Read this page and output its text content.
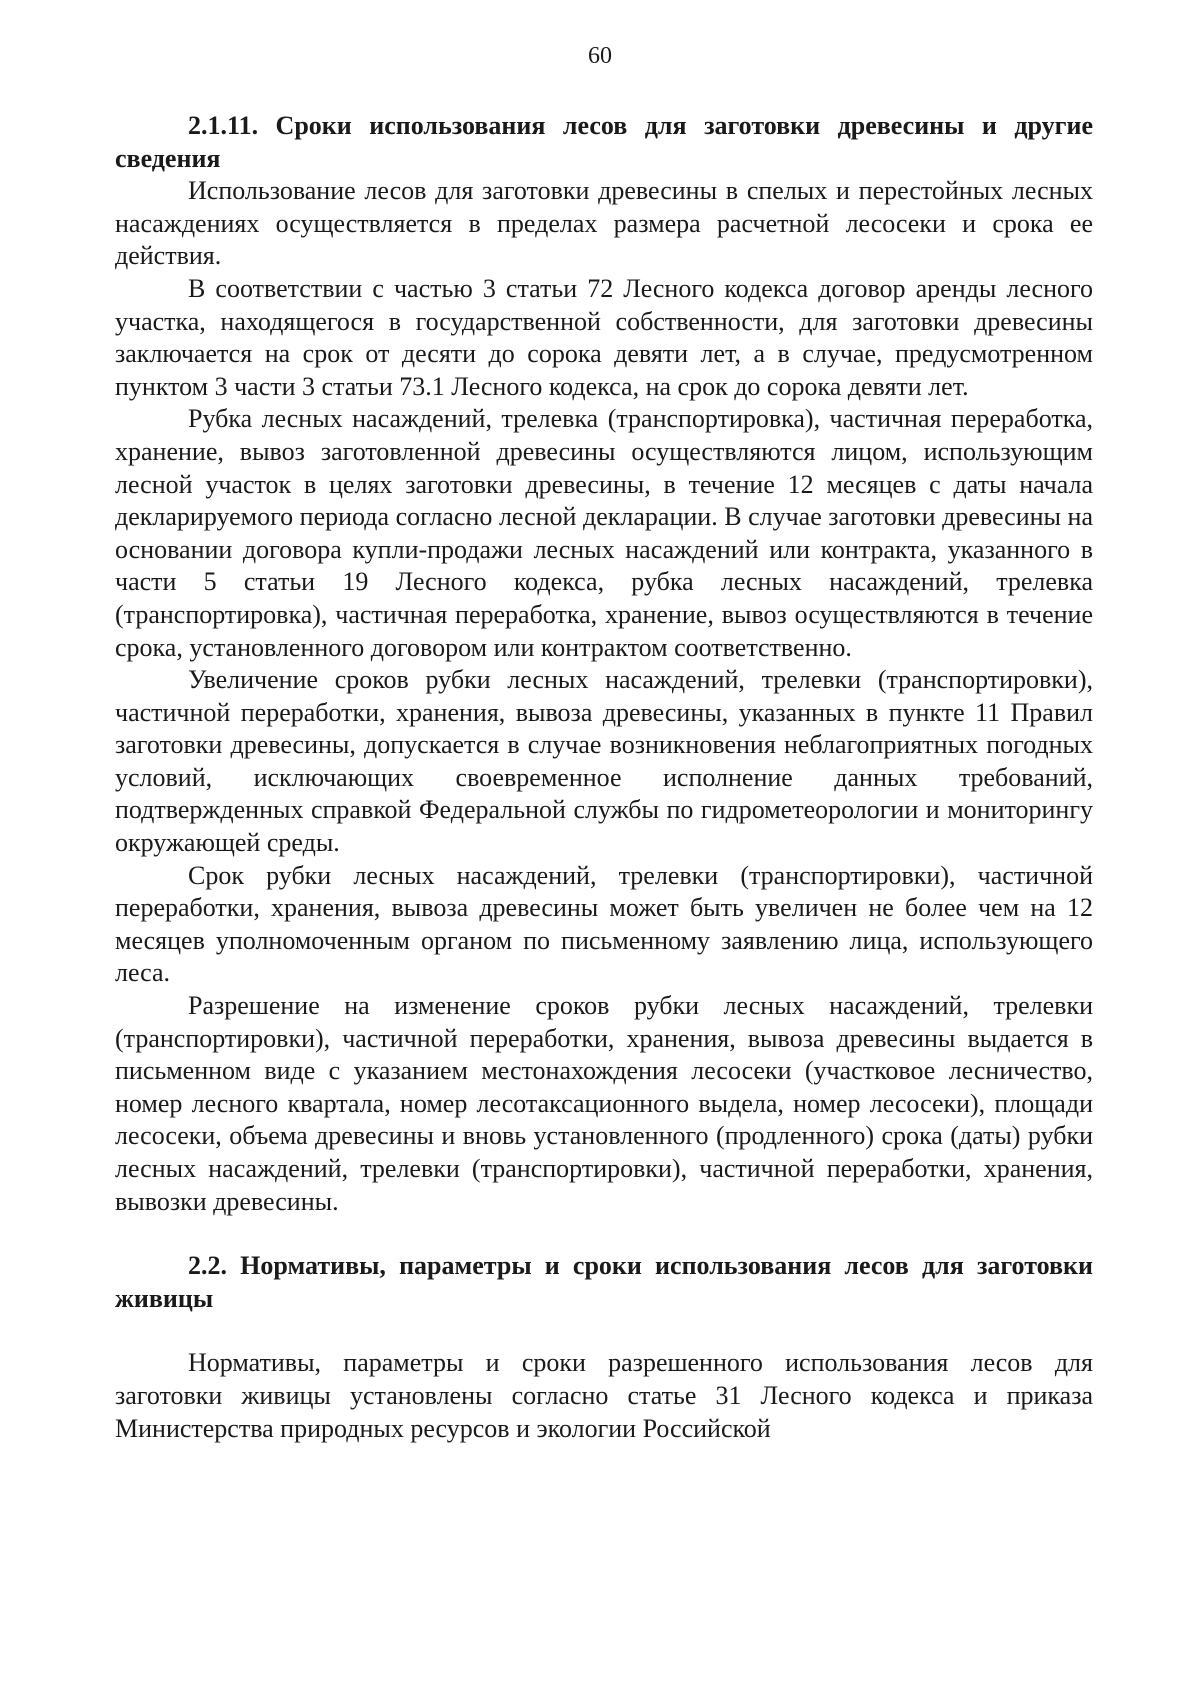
60

2.1.11. Сроки использования лесов для заготовки древесины и другие сведения

Использование лесов для заготовки древесины в спелых и перестойных лесных насаждениях осуществляется в пределах размера расчетной лесосеки и срока ее действия.

В соответствии с частью 3 статьи 72 Лесного кодекса договор аренды лесного участка, находящегося в государственной собственности, для заготовки древесины заключается на срок от десяти до сорока девяти лет, а в случае, предусмотренном пунктом 3 части 3 статьи 73.1 Лесного кодекса, на срок до сорока девяти лет.

Рубка лесных насаждений, трелевка (транспортировка), частичная переработка, хранение, вывоз заготовленной древесины осуществляются лицом, использующим лесной участок в целях заготовки древесины, в течение 12 месяцев с даты начала декларируемого периода согласно лесной декларации. В случае заготовки древесины на основании договора купли-продажи лесных насаждений или контракта, указанного в части 5 статьи 19 Лесного кодекса, рубка лесных насаждений, трелевка (транспортировка), частичная переработка, хранение, вывоз осуществляются в течение срока, установленного договором или контрактом соответственно.

Увеличение сроков рубки лесных насаждений, трелевки (транспортировки), частичной переработки, хранения, вывоза древесины, указанных в пункте 11 Правил заготовки древесины, допускается в случае возникновения неблагоприятных погодных условий, исключающих своевременное исполнение данных требований, подтвержденных справкой Федеральной службы по гидрометеорологии и мониторингу окружающей среды.

Срок рубки лесных насаждений, трелевки (транспортировки), частичной переработки, хранения, вывоза древесины может быть увеличен не более чем на 12 месяцев уполномоченным органом по письменному заявлению лица, использующего леса.

Разрешение на изменение сроков рубки лесных насаждений, трелевки (транспортировки), частичной переработки, хранения, вывоза древесины выдается в письменном виде с указанием местонахождения лесосеки (участковое лесничество, номер лесного квартала, номер лесотаксационного выдела, номер лесосеки), площади лесосеки, объема древесины и вновь установленного (продленного) срока (даты) рубки лесных насаждений, трелевки (транспортировки), частичной переработки, хранения, вывозки древесины.

2.2. Нормативы, параметры и сроки использования лесов для заготовки живицы

Нормативы, параметры и сроки разрешенного использования лесов для заготовки живицы установлены согласно статье 31 Лесного кодекса и приказа Министерства природных ресурсов и экологии Российской
